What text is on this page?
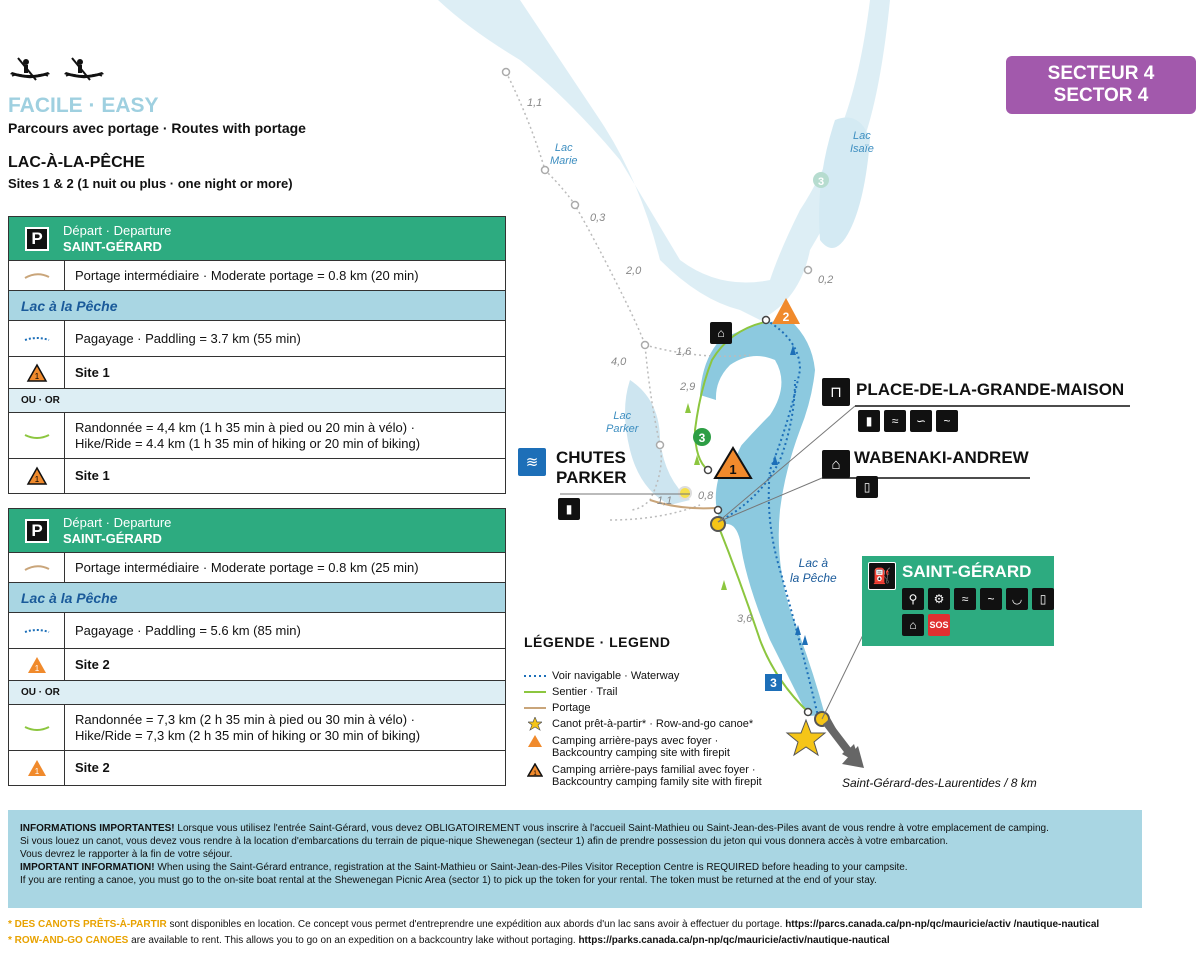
2
1
3
3
3
Lac
Marie
Lac
Isaïe
Lac
Parker
Lac à
la Pêche
1,1
0,3
2,0
0,2
1,6
4,0
2,9
1,1 0,8
3,6
⊓ PLACE-DE-LA-GRANDE-MAISON
▮	≈	∽	~
⌂ WABENAKI-ANDREW
▯
⌂
≋	CHUTES
PARKER
▮
⛽ SAINT-GÉRARD
⚲	⚙	≈	~	◡	▯
⌂	SOS
Saint-Gérard-des-Laurentides / 8 km
FACILE · EASY
Parcours avec portage · Routes with portage
LAC-À-LA-PÊCHE
Sites 1 & 2 (1 nuit ou plus · one night or more)
P	Départ · Departure
SAINT-GÉRARD
Portage intermédiaire · Moderate portage = 0.8 km (20 min)
Lac à la Pêche
Pagayage · Paddling = 3.7 km (55 min)
1	Site 1
OU · OR
Randonnée = 4,4 km (1 h 35 min à pied ou 20 min à vélo) ·
Hike/Ride = 4.4 km (1 h 35 min of hiking or 20 min of biking)
1	Site 1
P	Départ · Departure
SAINT-GÉRARD
Portage intermédiaire · Moderate portage = 0.8 km (25 min)
Lac à la Pêche
Pagayage · Paddling = 5.6 km (85 min)
1	Site 2
OU · OR
Randonnée = 7,3 km (2 h 35 min à pied ou 30 min à vélo) ·
Hike/Ride = 7,3 km (2 h 35 min of hiking or 30 min of biking)
1	Site 2
SECTEUR 4
SECTOR 4
LÉGENDE · LEGEND
Voir navigable · Waterway
Sentier · Trail
Portage
Canot prêt-à-partir* · Row-and-go canoe*
Camping arrière-pays avec foyer ·
Backcountry camping site with firepit
1 Camping arrière-pays familial avec foyer ·
Backcountry camping family site with firepit

INFORMATIONS IMPORTANTES! Lorsque vous utilisez l'entrée Saint-Gérard, vous devez OBLIGATOIREMENT vous inscrire à l'accueil Saint-Mathieu ou Saint-Jean-des-Piles avant de vous rendre à votre emplacement de camping.

Si vous louez un canot, vous devez vous rendre à la location d'embarcations du terrain de pique-nique Shewenegan (secteur 1) afin de prendre possession du jeton qui vous donnera accès à votre embarcation.

Vous devrez le rapporter à la fin de votre séjour.

IMPORTANT INFORMATION! When using the Saint-Gérard entrance, registration at the Saint-Mathieu or Saint-Jean-des-Piles Visitor Reception Centre is REQUIRED before heading to your campsite.

If you are renting a canoe, you must go to the on-site boat rental at the Shewenegan Picnic Area (sector 1) to pick up the token for your rental. The token must be returned at the end of your stay.

* DES CANOTS PRÊTS-À-PARTIR sont disponibles en location. Ce concept vous permet d'entreprendre une expédition aux abords d'un lac sans avoir à effectuer du portage. https://parcs.canada.ca/pn-np/qc/mauricie/activ /nautique-nautical
* ROW-AND-GO CANOES are available to rent. This allows you to go on an expedition on a backcountry lake without portaging. https://parks.canada.ca/pn-np/qc/mauricie/activ/nautique-nautical
